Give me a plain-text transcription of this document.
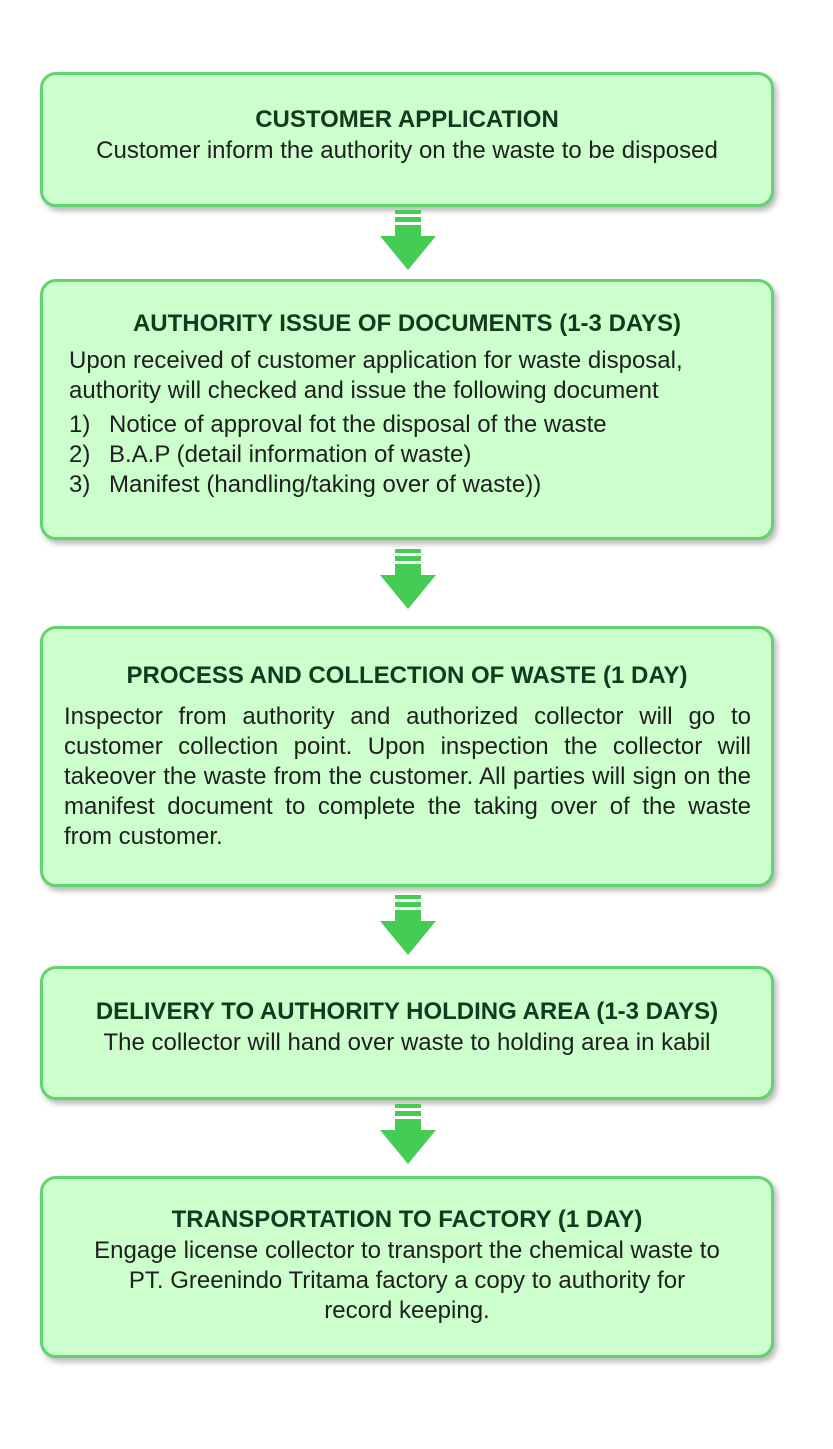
CUSTOMER APPLICATION
Customer inform the authority on the waste to be disposed
AUTHORITY ISSUE OF DOCUMENTS (1-3 DAYS)
Upon received of customer application for waste disposal,
authority will checked and issue the following document
1) Notice of approval fot the disposal of the waste
2) B.A.P (detail information of waste)
3) Manifest (handling/taking over of waste))
PROCESS AND COLLECTION OF WASTE (1 DAY)
Inspector from authority and authorized collector will go to customer collection point. Upon inspection the collector will takeover the waste from the customer. All parties will sign on the manifest document to complete the taking over of the waste from customer.
DELIVERY TO AUTHORITY HOLDING AREA (1-3 DAYS)
The collector will hand over waste to holding area in kabil
TRANSPORTATION TO FACTORY (1 DAY)
Engage license collector to transport the chemical waste to
PT. Greenindo Tritama factory a copy to authority for
record keeping.
